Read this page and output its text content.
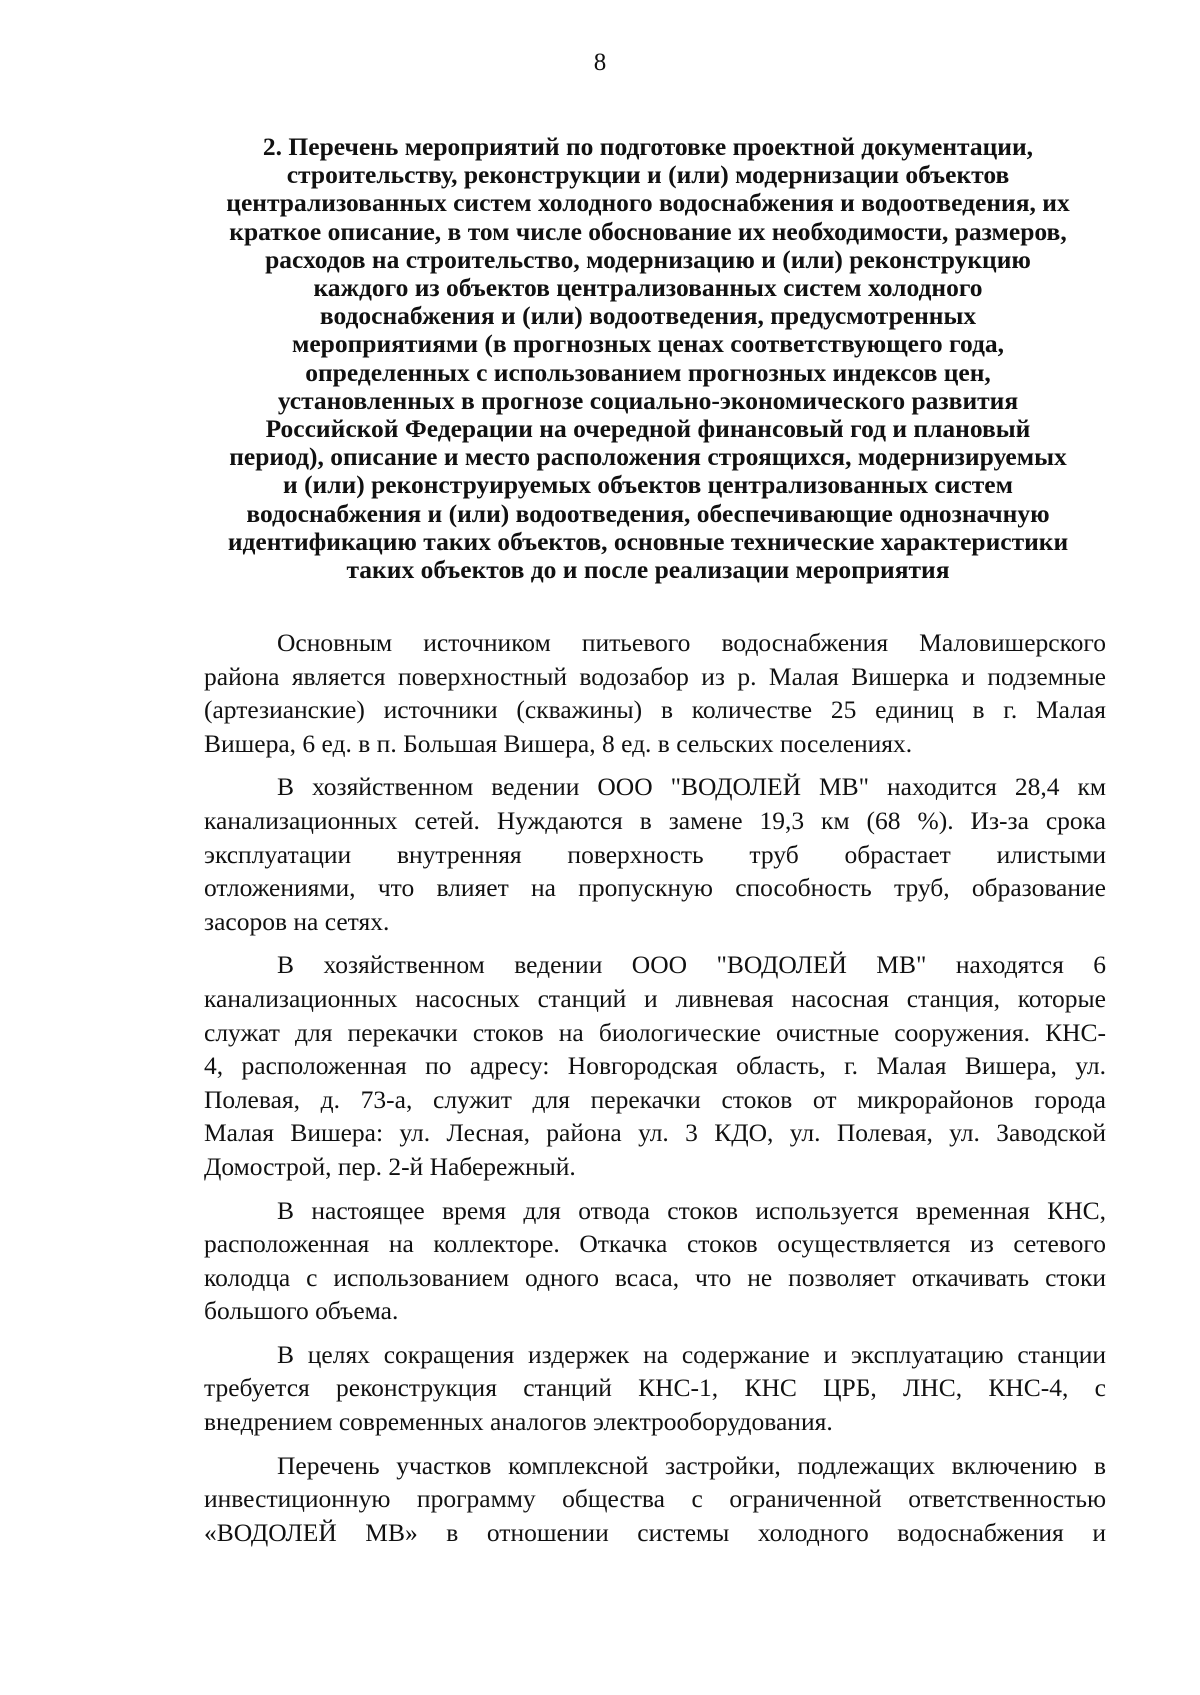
8
2. Перечень мероприятий по подготовке проектной документации,
строительству, реконструкции и (или) модернизации объектов
централизованных систем холодного водоснабжения и водоотведения, их
краткое описание, в том числе обоснование их необходимости, размеров,
расходов на строительство, модернизацию и (или) реконструкцию
каждого из объектов централизованных систем холодного
водоснабжения и (или) водоотведения, предусмотренных
мероприятиями (в прогнозных ценах соответствующего года,
определенных с использованием прогнозных индексов цен,
установленных в прогнозе социально-экономического развития
Российской Федерации на очередной финансовый год и плановый
период), описание и место расположения строящихся, модернизируемых
и (или) реконструируемых объектов централизованных систем
водоснабжения и (или) водоотведения, обеспечивающие однозначную
идентификацию таких объектов, основные технические характеристики
таких объектов до и после реализации мероприятия

Основным источником питьевого водоснабжения Маловишерского
района является поверхностный водозабор из р. Малая Вишерка и подземные
(артезианские) источники (скважины) в количестве 25 единиц в г. Малая
Вишера, 6 ед. в п. Большая Вишера, 8 ед. в сельских поселениях.

В хозяйственном ведении ООО "ВОДОЛЕЙ МВ" находится 28,4 км
канализационных сетей. Нуждаются в замене 19,3 км (68 %). Из-за срока
эксплуатации внутренняя поверхность труб обрастает илистыми
отложениями, что влияет на пропускную способность труб, образование
засоров на сетях.

В хозяйственном ведении ООО "ВОДОЛЕЙ МВ" находятся 6
канализационных насосных станций и ливневая насосная станция, которые
служат для перекачки стоков на биологические очистные сооружения. КНС-
4, расположенная по адресу: Новгородская область, г. Малая Вишера, ул.
Полевая, д. 73-а, служит для перекачки стоков от микрорайонов города
Малая Вишера: ул. Лесная, района ул. 3 КДО, ул. Полевая, ул. Заводской
Домострой, пер. 2-й Набережный.

В настоящее время для отвода стоков используется временная КНС,
расположенная на коллекторе. Откачка стоков осуществляется из сетевого
колодца с использованием одного всаса, что не позволяет откачивать стоки
большого объема.

В целях сокращения издержек на содержание и эксплуатацию станции
требуется реконструкция станций КНС-1, КНС ЦРБ, ЛНС, КНС-4, с
внедрением современных аналогов электрооборудования.

Перечень участков комплексной застройки, подлежащих включению в
инвестиционную программу общества с ограниченной ответственностью
«ВОДОЛЕЙ МВ» в отношении системы холодного водоснабжения и
